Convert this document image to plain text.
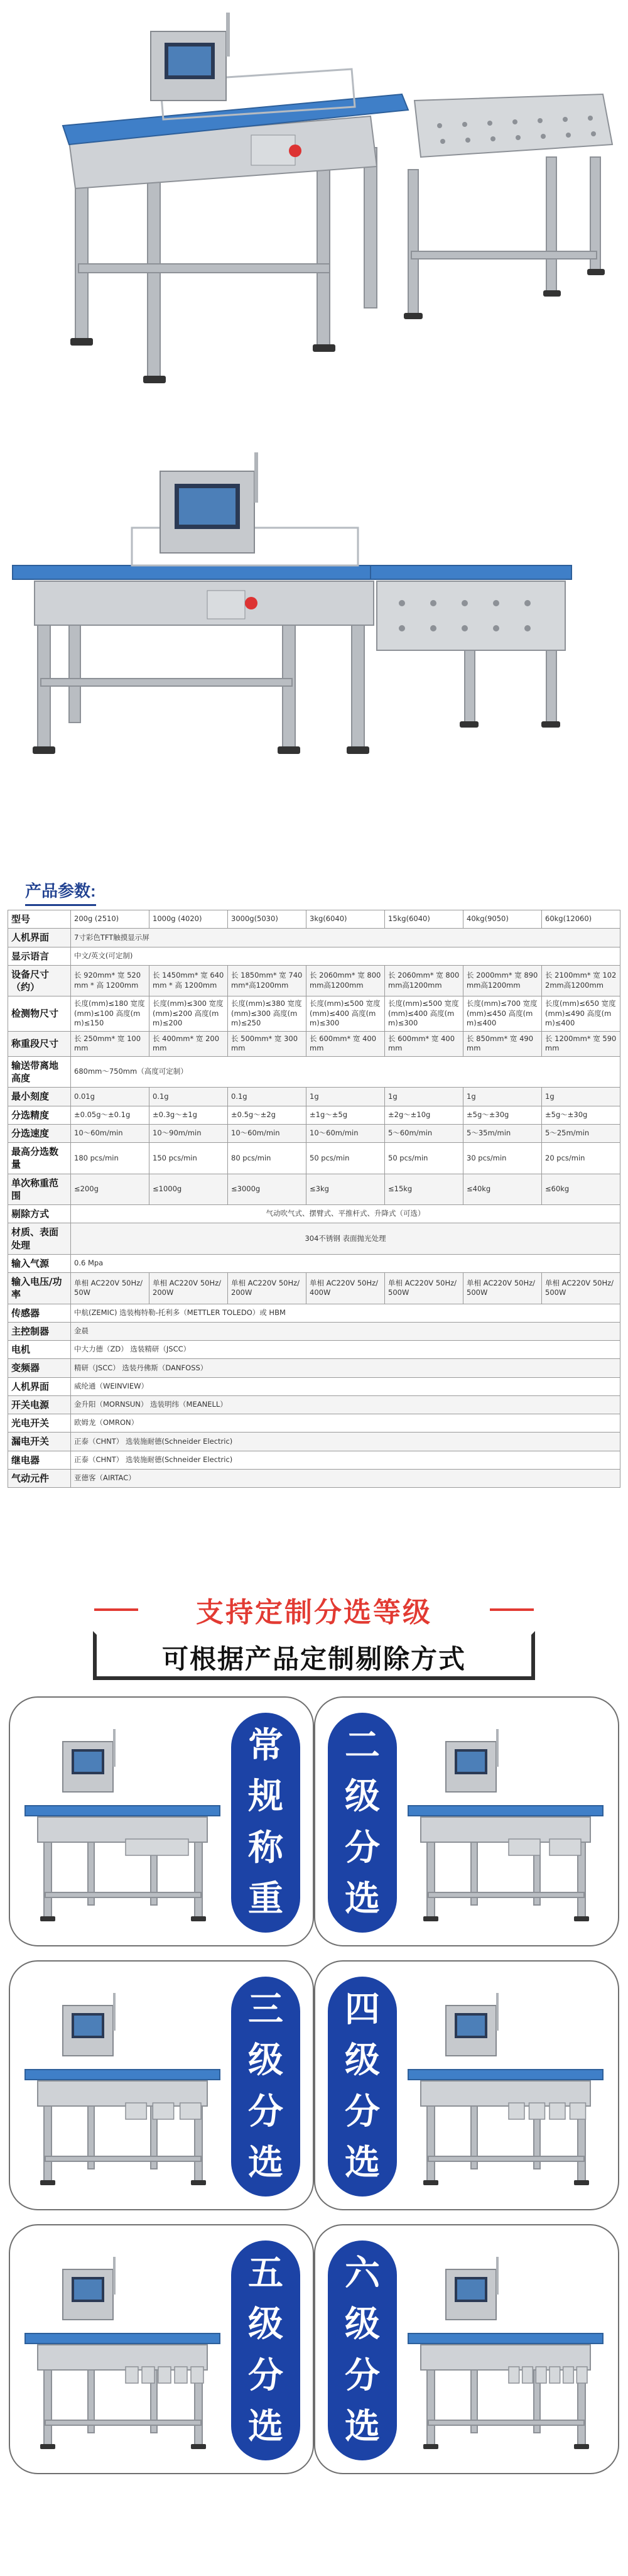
产品参数:
型号	200g (2510)	1000g (4020)	3000g(5030)	3kg(6040)	15kg(6040)	40kg(9050)	60kg(12060)
人机界面	7寸彩色TFT触摸显示屏						
显示语言	中文/英文(可定制)						
设备尺寸（约）	长 920mm* 宽 520mm * 高 1200mm	长 1450mm* 宽 640mm * 高 1200mm	长 1850mm* 宽 740mm*高1200mm	长 2060mm* 宽 800mm高1200mm	长 2060mm* 宽 800mm高1200mm	长 2000mm* 宽 890mm高1200mm	长 2100mm* 宽 1022mm高1200mm
检测物尺寸	长度(mm)≤180 宽度(mm)≤100 高度(mm)≤150	长度(mm)≤300 宽度(mm)≤200 高度(mm)≤200	长度(mm)≤380 宽度(mm)≤300 高度(mm)≤250	长度(mm)≤500 宽度(mm)≤400 高度(mm)≤300	长度(mm)≤500 宽度(mm)≤400 高度(mm)≤300	长度(mm)≤700 宽度(mm)≤450 高度(mm)≤400	长度(mm)≤650 宽度(mm)≤490 高度(mm)≤400
称重段尺寸	长 250mm* 宽 100mm	长 400mm* 宽 200mm	长 500mm* 宽 300mm	长 600mm* 宽 400mm	长 600mm* 宽 400mm	长 850mm* 宽 490mm	长 1200mm* 宽 590mm
输送带离地高度	680mm～750mm（高度可定制）						
最小刻度	0.01g	0.1g	0.1g	1g	1g	1g	1g
分选精度	±0.05g～±0.1g	±0.3g～±1g	±0.5g～±2g	±1g～±5g	±2g～±10g	±5g～±30g	±5g～±30g
分选速度	10～60m/min	10～90m/min	10～60m/min	10～60m/min	5～60m/min	5～35m/min	5～25m/min
最高分选数量	180 pcs/min	150 pcs/min	80 pcs/min	50 pcs/min	50 pcs/min	30 pcs/min	20 pcs/min
单次称重范围	≤200g	≤1000g	≤3000g	≤3kg	≤15kg	≤40kg	≤60kg
剔除方式	气动吹气式、摆臂式、平推杆式、升降式（可选）						
材质、表面处理	304不锈钢 表面抛光处理						
输入气源	0.6 Mpa						
输入电压/功率	单相 AC220V 50Hz/50W	单相 AC220V 50Hz/200W	单相 AC220V 50Hz/200W	单相 AC220V 50Hz/400W	单相 AC220V 50Hz/500W	单相 AC220V 50Hz/500W	单相 AC220V 50Hz/500W
传感器	中航(ZEMIC) 选装梅特勒-托利多（METTLER TOLEDO）或 HBM						
主控制器	金晨						
电机	中大力德（ZD） 选装精研（JSCC）						
变频器	精研（JSCC） 选装丹佛斯（DANFOSS）						
人机界面	威纶通（WEINVIEW）						
开关电源	金升阳（MORNSUN） 选装明纬（MEANELL）						
光电开关	欧姆龙（OMRON）						
漏电开关	正泰（CHNT） 选装施耐德(Schneider Electric)						
继电器	正泰（CHNT） 选装施耐德(Schneider Electric)						
气动元件	亚德客（AIRTAC）						
支持定制分选等级
可根据产品定制剔除方式
常
规
称
重
二
级
分
选
三
级
分
选
四
级
分
选
五
级
分
选
六
级
分
选
